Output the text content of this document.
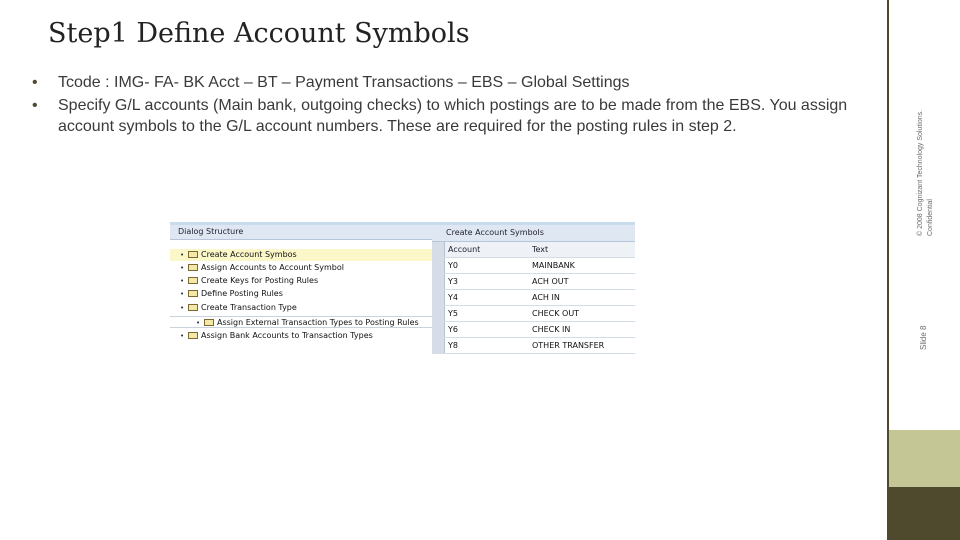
Step1 Define Account Symbols
• Tcode : IMG- FA- BK Acct – BT – Payment Transactions – EBS – Global Settings
• Specify G/L accounts (Main bank, outgoing checks) to which postings are to be made from the EBS. You assign account symbols to the G/L account numbers. These are required for the posting rules in step 2.	© 2008 Cognizant Technology Solutions. Confidential
Slide 8
Dialog Structure
• Create Account Symbos
• Assign Accounts to Account Symbol
• Create Keys for Posting Rules
• Define Posting Rules
• Create Transaction Type
• Assign External Transaction Types to Posting Rules
• Assign Bank Accounts to Transaction Types
Create Account Symbols
Account	Text
Y0	MAINBANK
Y3	ACH OUT
Y4	ACH IN
Y5	CHECK OUT
Y6	CHECK IN
Y8	OTHER TRANSFER
